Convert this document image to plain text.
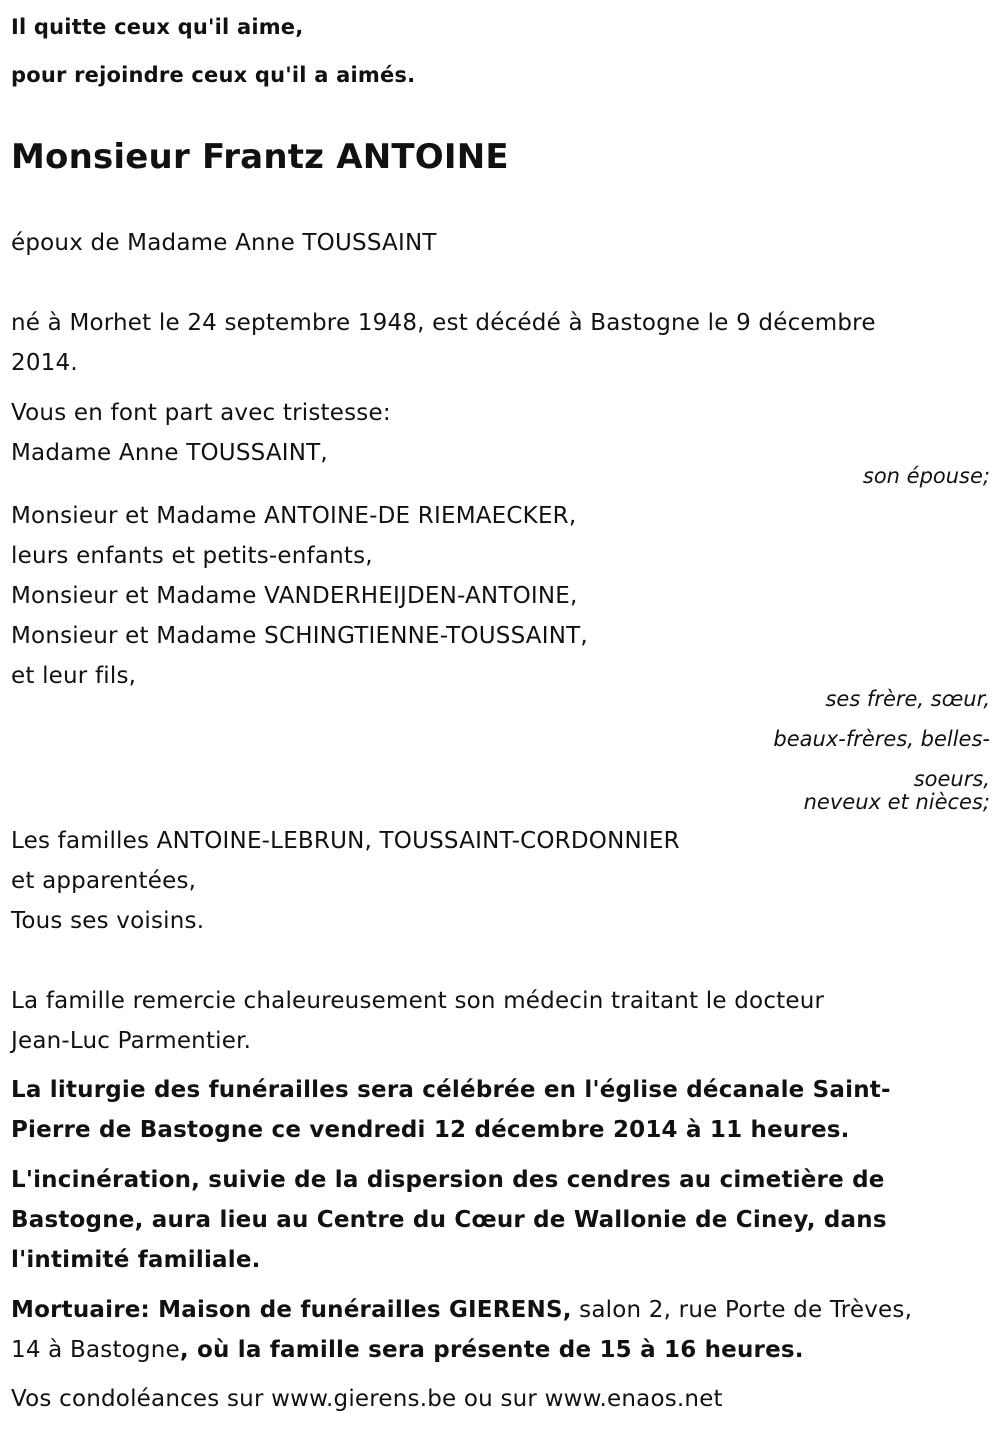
Il quitte ceux qu'il aime,
pour rejoindre ceux qu'il a aimés.
Monsieur Frantz ANTOINE
époux de Madame Anne TOUSSAINT
né à Morhet le 24 septembre 1948, est décédé à Bastogne le 9 décembre
2014.
Vous en font part avec tristesse:
Madame Anne TOUSSAINT,
son épouse;
Monsieur et Madame ANTOINE-DE RIEMAECKER,
leurs enfants et petits-enfants,
Monsieur et Madame VANDERHEIJDEN-ANTOINE,
Monsieur et Madame SCHINGTIENNE-TOUSSAINT,
et leur fils,
ses frère, sœur,
beaux-frères, belles-
soeurs,
neveux et nièces;
Les familles ANTOINE-LEBRUN, TOUSSAINT-CORDONNIER
et apparentées,
Tous ses voisins.
La famille remercie chaleureusement son médecin traitant le docteur
Jean-Luc Parmentier.
La liturgie des funérailles sera célébrée en l'église décanale Saint-
Pierre de Bastogne ce vendredi 12 décembre 2014 à 11 heures.
L'incinération, suivie de la dispersion des cendres au cimetière de
Bastogne, aura lieu au Centre du Cœur de Wallonie de Ciney, dans
l'intimité familiale.
Mortuaire: Maison de funérailles GIERENS, salon 2, rue Porte de Trèves,
14 à Bastogne, où la famille sera présente de 15 à 16 heures.
Vos condoléances sur www.gierens.be ou sur www.enaos.net
